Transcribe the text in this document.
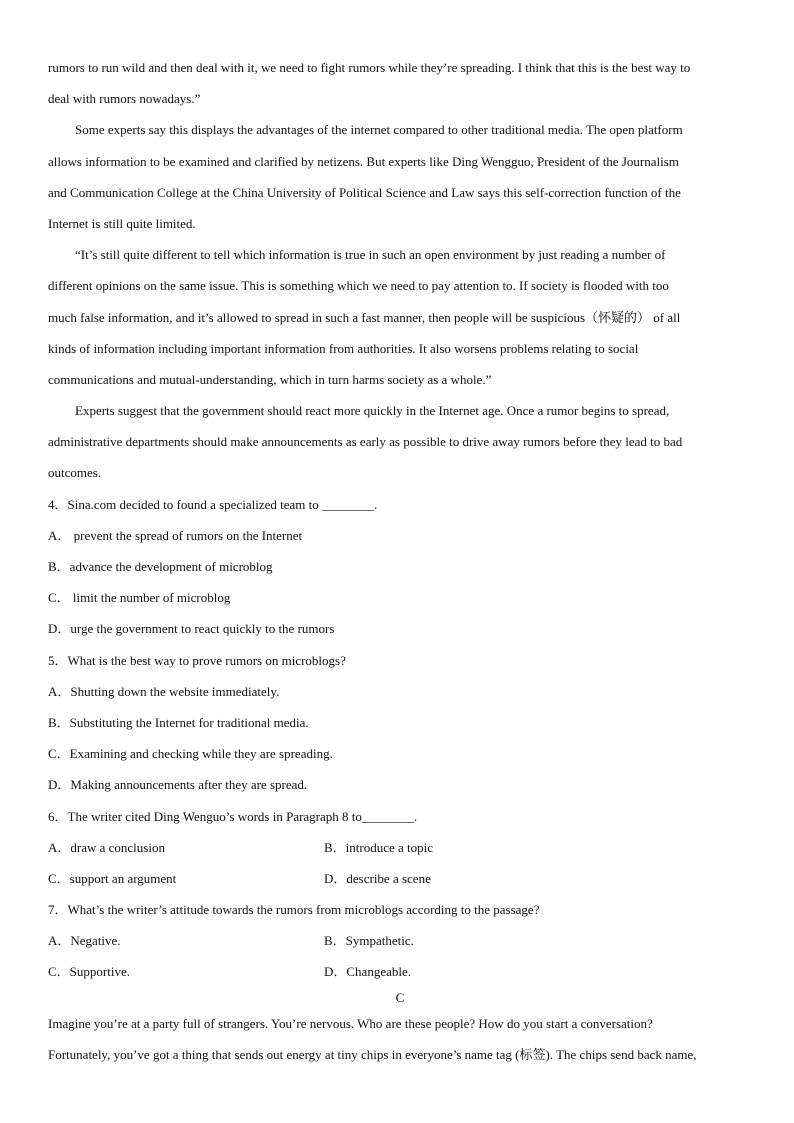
rumors to run wild and then deal with it, we need to fight rumors while they’re spreading. I think that this is the best way to
deal with rumors nowadays.”
Some experts say this displays the advantages of the internet compared to other traditional media. The open platform
allows information to be examined and clarified by netizens. But experts like Ding Wengguo, President of the Journalism
and Communication College at the China University of Political Science and Law says this self-correction function of the
Internet is still quite limited.
“It’s still quite different to tell which information is true in such an open environment by just reading a number of
different opinions on the same issue. This is something which we need to pay attention to. If society is flooded with too
much false information, and it’s allowed to spread in such a fast manner, then people will be suspicious（怀疑的） of all
kinds of information including important information from authorities. It also worsens problems relating to social
communications and mutual-understanding, which in turn harms society as a whole.”
Experts suggest that the government should react more quickly in the Internet age. Once a rumor begins to spread,
administrative departments should make announcements as early as possible to drive away rumors before they lead to bad
outcomes.
4．Sina.com decided to found a specialized team to ________.
A． prevent the spread of rumors on the Internet
B．advance the development of microblog
C． limit the number of microblog
D．urge the government to react quickly to the rumors
5．What is the best way to prove rumors on microblogs?
A．Shutting down the website immediately.
B．Substituting the Internet for traditional media.
C．Examining and checking while they are spreading.
D．Making announcements after they are spread.
6．The writer cited Ding Wenguo’s words in Paragraph 8 to________.
A．draw a conclusion	B．introduce a topic
C．support an argument	D．describe a scene
7．What’s the writer’s attitude towards the rumors from microblogs according to the passage?
A．Negative.	B．Sympathetic.
C．Supportive.	D．Changeable.
C
Imagine you’re at a party full of strangers. You’re nervous. Who are these people? How do you start a conversation?
Fortunately, you’ve got a thing that sends out energy at tiny chips in everyone’s name tag (标签). The chips send back name,
